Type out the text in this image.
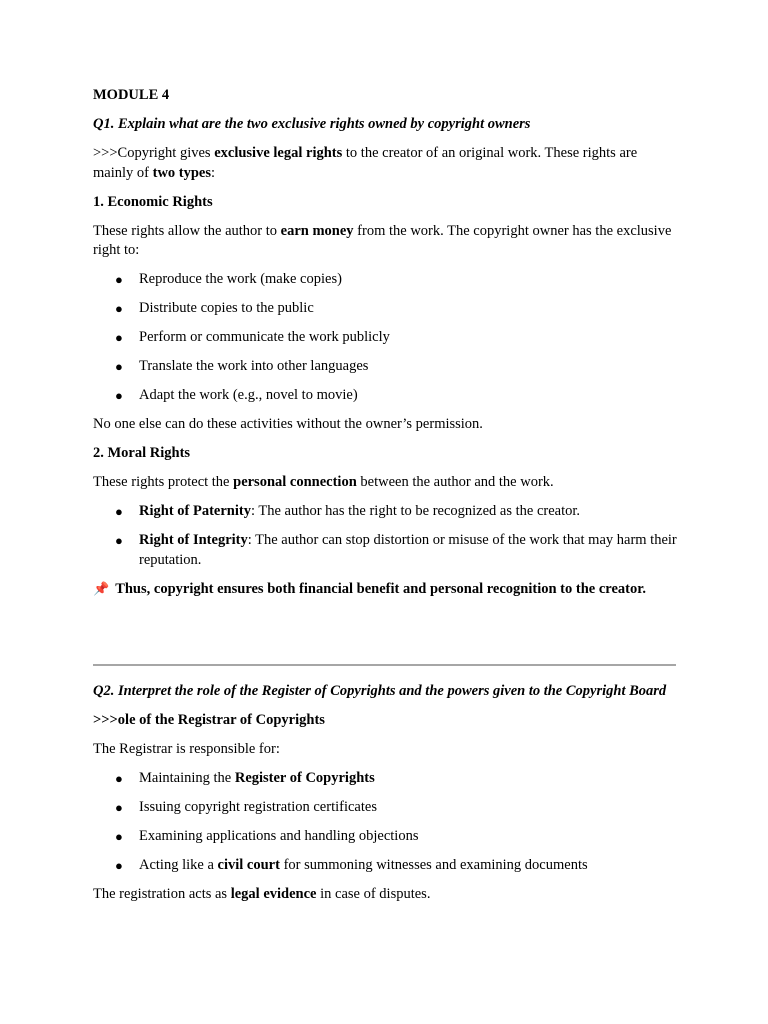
MODULE 4

Q1. Explain what are the two exclusive rights owned by copyright owners

>>>Copyright gives exclusive legal rights to the creator of an original work. These rights are mainly of two types:

1. Economic Rights

These rights allow the author to earn money from the work. The copyright owner has the exclusive right to:

● Reproduce the work (make copies)
● Distribute copies to the public
● Perform or communicate the work publicly
● Translate the work into other languages
● Adapt the work (e.g., novel to movie)

No one else can do these activities without the owner’s permission.

2. Moral Rights

These rights protect the personal connection between the author and the work.

● Right of Paternity: The author has the right to be recognized as the creator.
● Right of Integrity: The author can stop distortion or misuse of the work that may harm their reputation.

📌 Thus, copyright ensures both financial benefit and personal recognition to the creator.

Q2. Interpret the role of the Register of Copyrights and the powers given to the Copyright Board

>>>ole of the Registrar of Copyrights

The Registrar is responsible for:

● Maintaining the Register of Copyrights
● Issuing copyright registration certificates
● Examining applications and handling objections
● Acting like a civil court for summoning witnesses and examining documents

The registration acts as legal evidence in case of disputes.
